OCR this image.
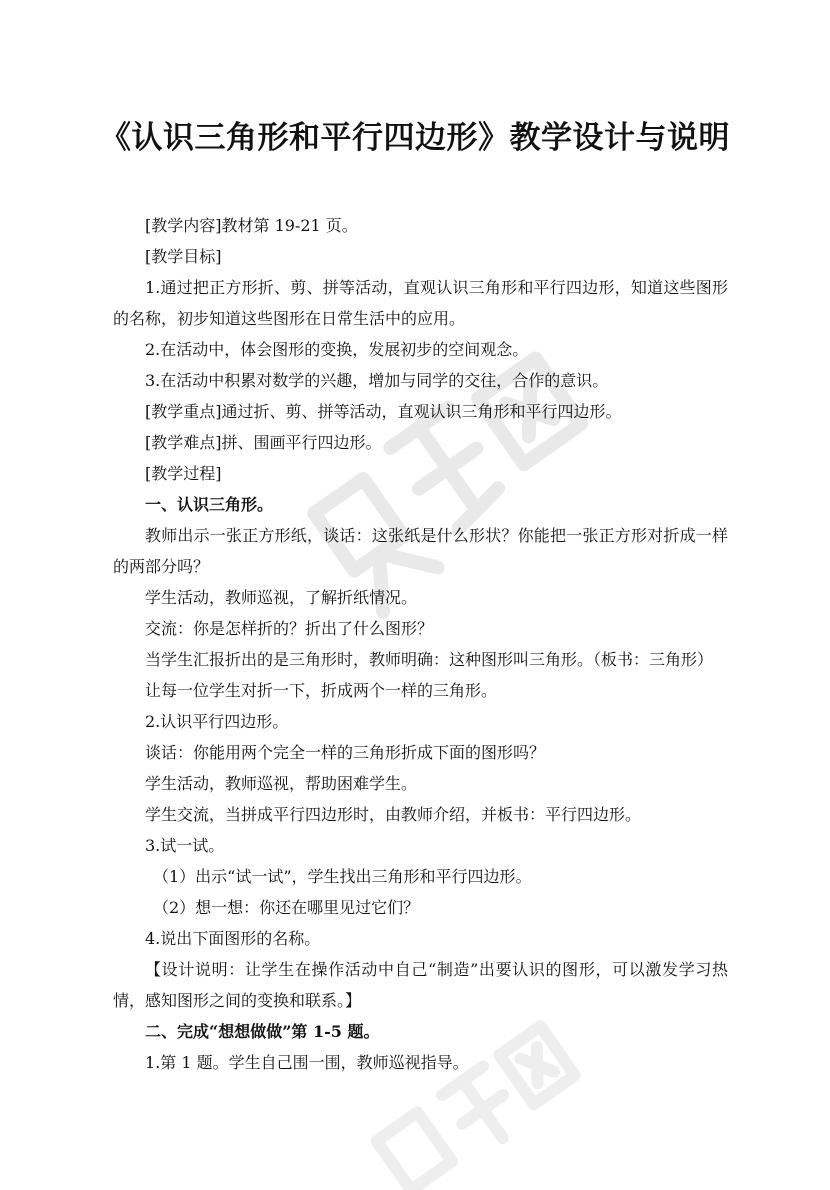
《认识三角形和平行四边形》教学设计与说明

[教学内容]教材第 19-21 页。

[教学目标]

1.通过把正方形折、剪、拼等活动，直观认识三角形和平行四边形，知道这些图形的名称，初步知道这些图形在日常生活中的应用。

2.在活动中，体会图形的变换，发展初步的空间观念。

3.在活动中积累对数学的兴趣，增加与同学的交往，合作的意识。

[教学重点]通过折、剪、拼等活动，直观认识三角形和平行四边形。

[教学难点]拼、围画平行四边形。

[教学过程]

一、认识三角形。

教师出示一张正方形纸，谈话：这张纸是什么形状？你能把一张正方形对折成一样的两部分吗？

学生活动，教师巡视，了解折纸情况。

交流：你是怎样折的？折出了什么图形？

当学生汇报折出的是三角形时，教师明确：这种图形叫三角形。（板书：三角形）

让每一位学生对折一下，折成两个一样的三角形。

2.认识平行四边形。

谈话：你能用两个完全一样的三角形折成下面的图形吗？

学生活动，教师巡视，帮助困难学生。

学生交流，当拼成平行四边形时，由教师介绍，并板书：平行四边形。

3.试一试。

（1）出示“试一试”，学生找出三角形和平行四边形。

（2）想一想：你还在哪里见过它们？

4.说出下面图形的名称。

【设计说明：让学生在操作活动中自己“制造”出要认识的图形，可以激发学习热情，感知图形之间的变换和联系。】

二、完成“想想做做”第 1-5 题。

1.第 1 题。学生自己围一围，教师巡视指导。
